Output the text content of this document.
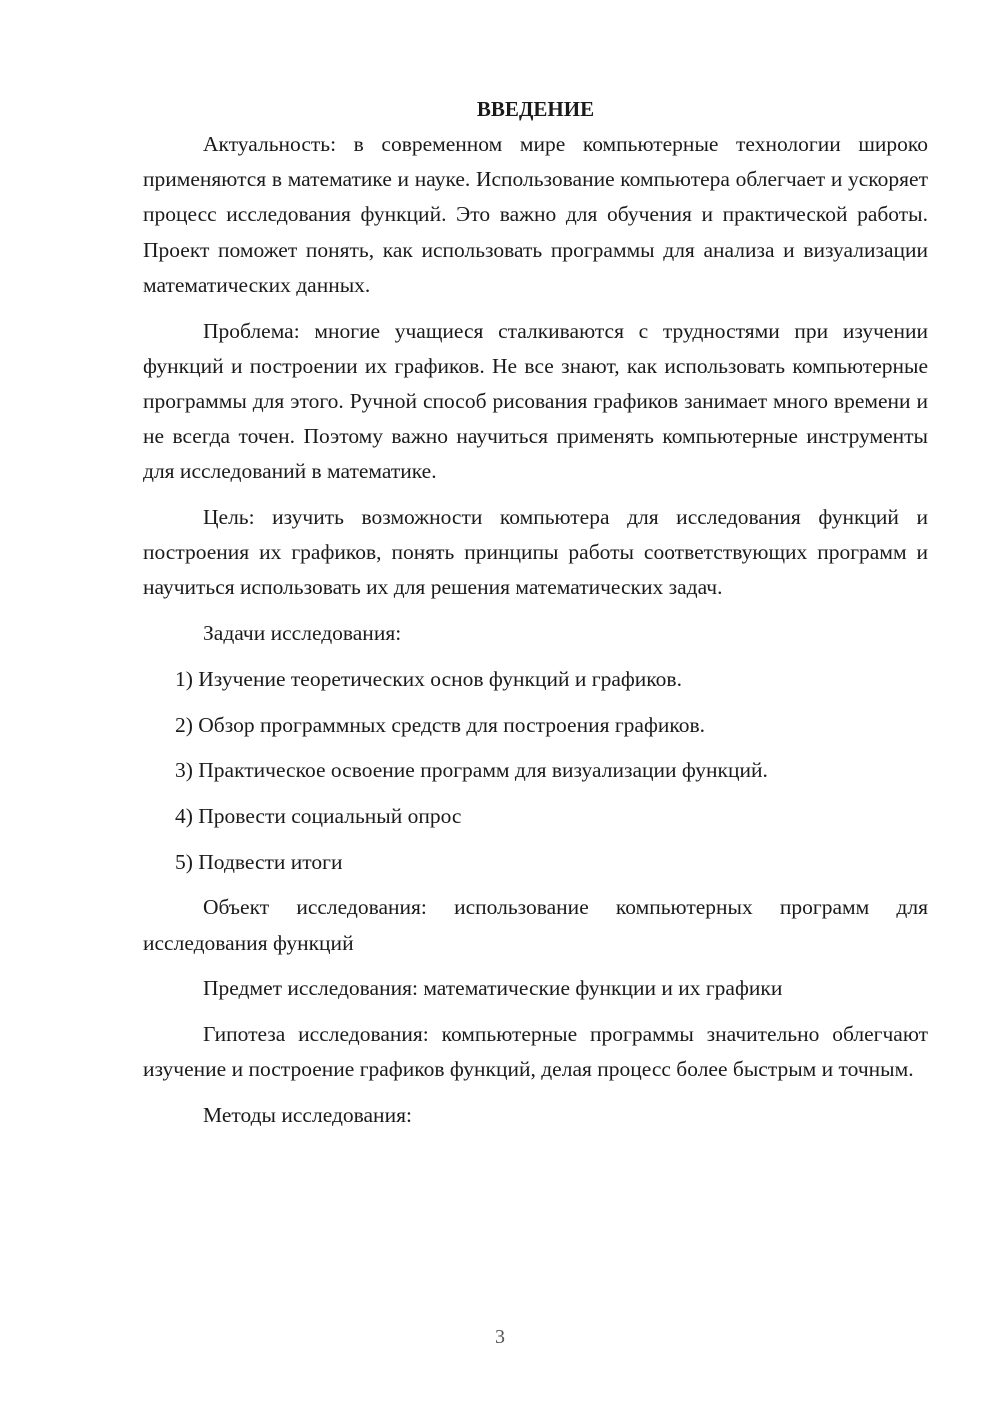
ВВЕДЕНИЕ

Актуальность: в современном мире компьютерные технологии широко применяются в математике и науке. Использование компьютера облегчает и ускоряет процесс исследования функций. Это важно для обучения и практической работы. Проект поможет понять, как использовать программы для анализа и визуализации математических данных.

Проблема: многие учащиеся сталкиваются с трудностями при изучении функций и построении их графиков. Не все знают, как использовать компьютерные программы для этого. Ручной способ рисования графиков занимает много времени и не всегда точен. Поэтому важно научиться применять компьютерные инструменты для исследований в математике.

Цель: изучить возможности компьютера для исследования функций и построения их графиков, понять принципы работы соответствующих программ и научиться использовать их для решения математических задач.

Задачи исследования:

1) Изучение теоретических основ функций и графиков.

2) Обзор программных средств для построения графиков.

3) Практическое освоение программ для визуализации функций.

4) Провести социальный опрос

5) Подвести итоги

Объект исследования: использование компьютерных программ для исследования функций

Предмет исследования: математические функции и их графики

Гипотеза исследования: компьютерные программы значительно облегчают изучение и построение графиков функций, делая процесс более быстрым и точным.

Методы исследования:

3
